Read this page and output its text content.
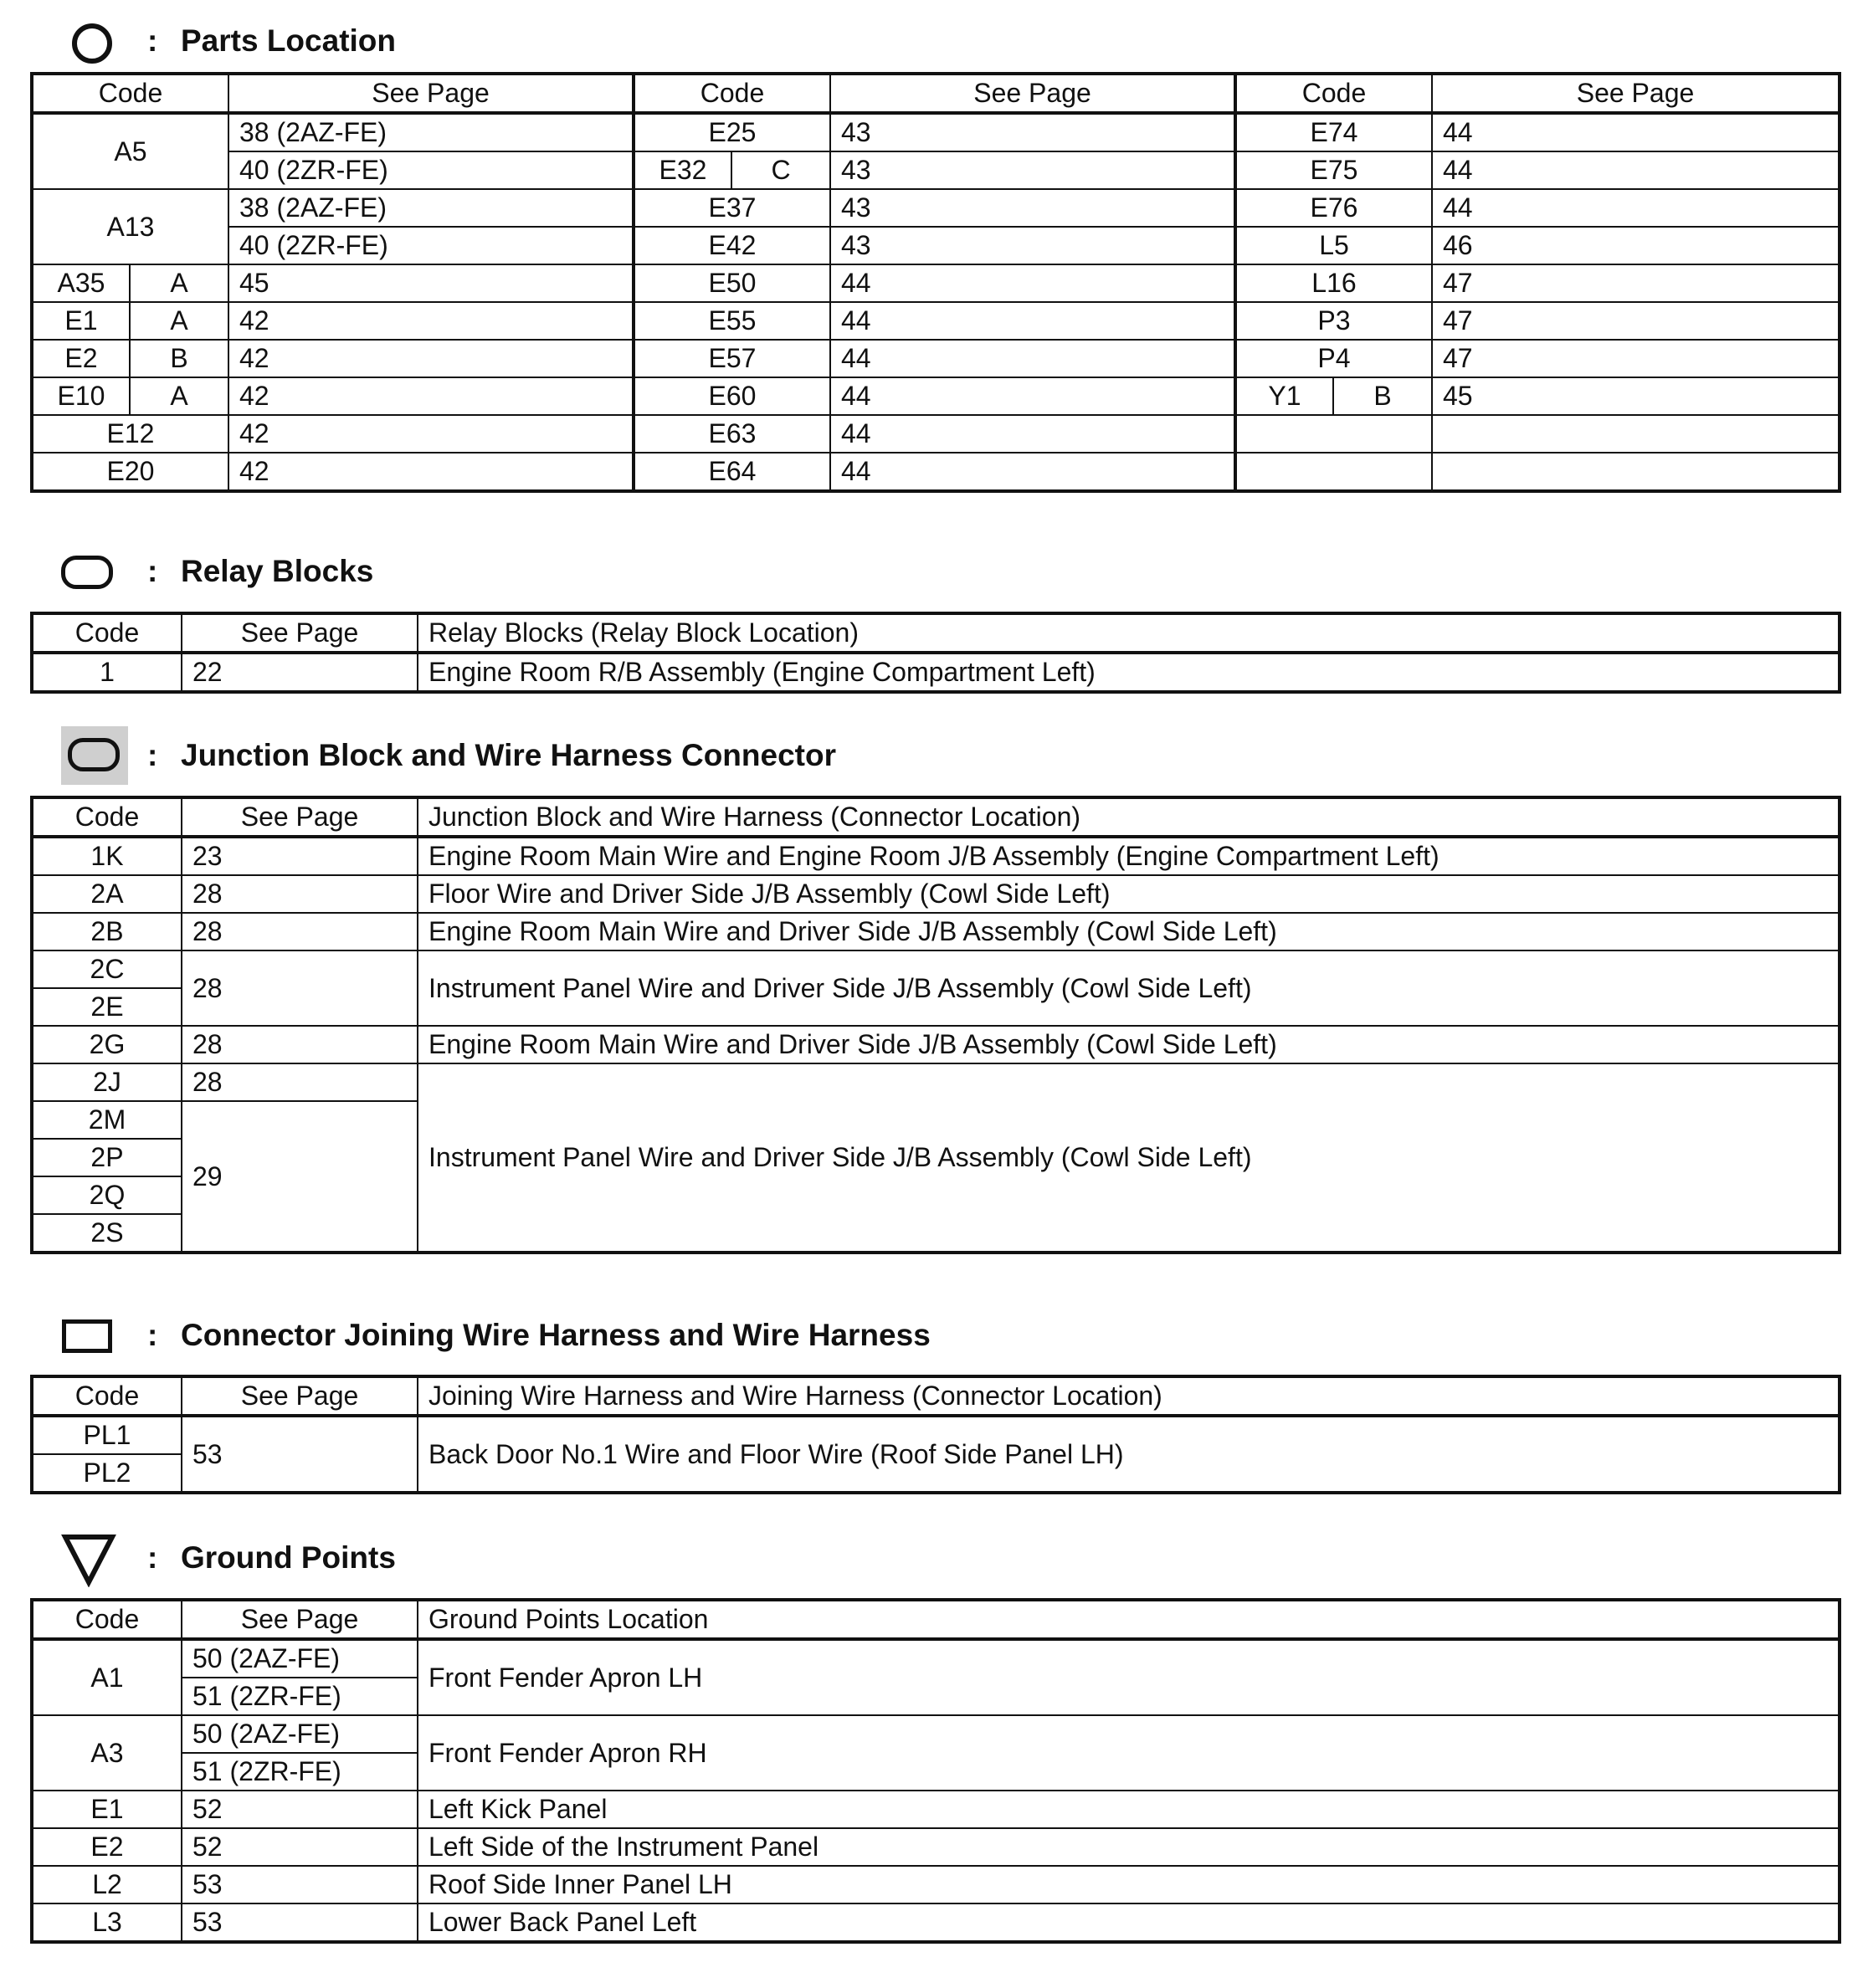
: Parts Location
Code		See Page	Code		See Page	Code		See Page
A5		38 (2AZ-FE)	E25		43	E74		44
		40 (2ZR-FE)	E32	C	43	E75		44
A13		38 (2AZ-FE)	E37		43	E76		44
		40 (2ZR-FE)	E42		43	L5		46
A35	A	45	E50		44	L16		47
E1	A	42	E55		44	P3		47
E2	B	42	E57		44	P4		47
E10	A	42	E60		44	Y1	B	45
E12		42	E63		44			
E20		42	E64		44			
: Relay Blocks
Code	See Page	Relay Blocks (Relay Block Location)
1	22	Engine Room R/B Assembly (Engine Compartment Left)
: Junction Block and Wire Harness Connector
Code	See Page	Junction Block and Wire Harness (Connector Location)
1K	23	Engine Room Main Wire and Engine Room J/B Assembly (Engine Compartment Left)
2A	28	Floor Wire and Driver Side J/B Assembly (Cowl Side Left)
2B	28	Engine Room Main Wire and Driver Side J/B Assembly (Cowl Side Left)
2C	28	Instrument Panel Wire and Driver Side J/B Assembly (Cowl Side Left)
2E		
2G	28	Engine Room Main Wire and Driver Side J/B Assembly (Cowl Side Left)
2J	28	Instrument Panel Wire and Driver Side J/B Assembly (Cowl Side Left)
2M	29	
2P		
2Q		
2S		
: Connector Joining Wire Harness and Wire Harness
Code	See Page	Joining Wire Harness and Wire Harness (Connector Location)
PL1	53	Back Door No.1 Wire and Floor Wire (Roof Side Panel LH)
PL2		
: Ground Points
Code	See Page	Ground Points Location
A1	50 (2AZ-FE)	Front Fender Apron LH
	51 (2ZR-FE)	
A3	50 (2AZ-FE)	Front Fender Apron RH
	51 (2ZR-FE)	
E1	52	Left Kick Panel
E2	52	Left Side of the Instrument Panel
L2	53	Roof Side Inner Panel LH
L3	53	Lower Back Panel Left
